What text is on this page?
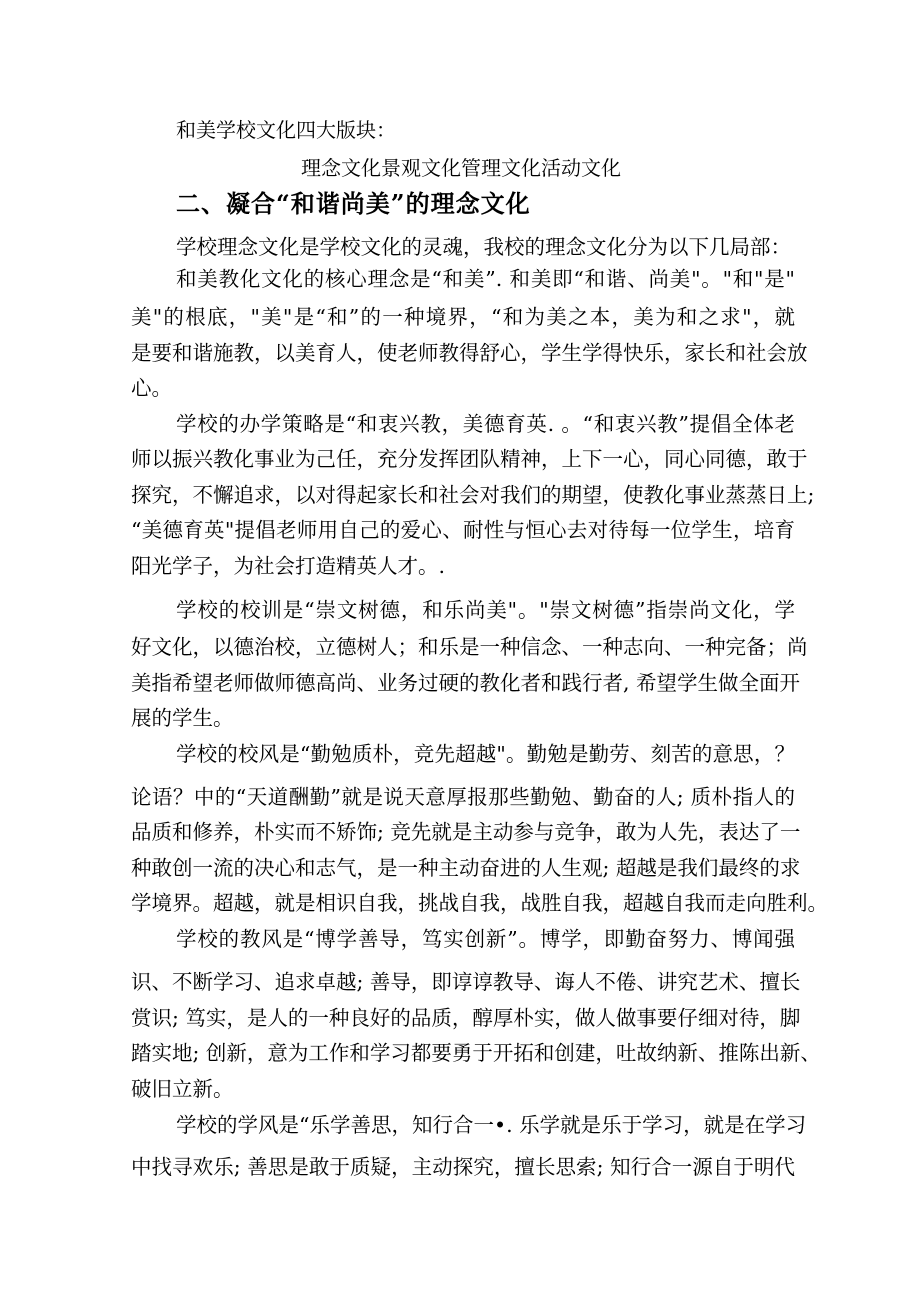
和美学校文化四大版块：
理念文化景观文化管理文化活动文化
二、凝合“和谐尚美”的理念文化
学校理念文化是学校文化的灵魂，我校的理念文化分为以下几局部：
和美教化文化的核心理念是“和美”. 和美即“和谐、尚美"。"和"是"
美"的根底，"美"是“和”的一种境界，“和为美之本，美为和之求"，就
是要和谐施教，以美育人，使老师教得舒心，学生学得快乐，家长和社会放
心。
学校的办学策略是“和衷兴教，美德育英. 。“和衷兴教”提倡全体老
师以振兴教化事业为己任，充分发挥团队精神，上下一心，同心同德，敢于
探究，不懈追求，以对得起家长和社会对我们的期望，使教化事业蒸蒸日上;
“美德育英"提倡老师用自己的爱心、耐性与恒心去对待每一位学生，培育
阳光学子，为社会打造精英人才。.
学校的校训是“崇文树德，和乐尚美"。"崇文树德”指崇尚文化，学
好文化，以德治校，立德树人；和乐是一种信念、一种志向、一种完备；尚
美指希望老师做师德高尚、业务过硬的教化者和践行者, 希望学生做全面开
展的学生。
学校的校风是“勤勉质朴，竞先超越"。勤勉是勤劳、刻苦的意思，？
论语？中的“天道酬勤”就是说天意厚报那些勤勉、勤奋的人; 质朴指人的
品质和修养，朴实而不矫饰; 竞先就是主动参与竞争，敢为人先，表达了一
种敢创一流的决心和志气，是一种主动奋进的人生观; 超越是我们最终的求
学境界。超越，就是相识自我，挑战自我，战胜自我，超越自我而走向胜利。
学校的教风是“博学善导，笃实创新”。博学，即勤奋努力、博闻强
识、不断学习、追求卓越; 善导，即谆谆教导、诲人不倦、讲究艺术、擅长
赏识; 笃实，是人的一种良好的品质，醇厚朴实，做人做事要仔细对待，脚
踏实地; 创新，意为工作和学习都要勇于开拓和创建，吐故纳新、推陈出新、
破旧立新。
学校的学风是“乐学善思，知行合一•. 乐学就是乐于学习，就是在学习
中找寻欢乐; 善思是敢于质疑，主动探究，擅长思索; 知行合一源自于明代
